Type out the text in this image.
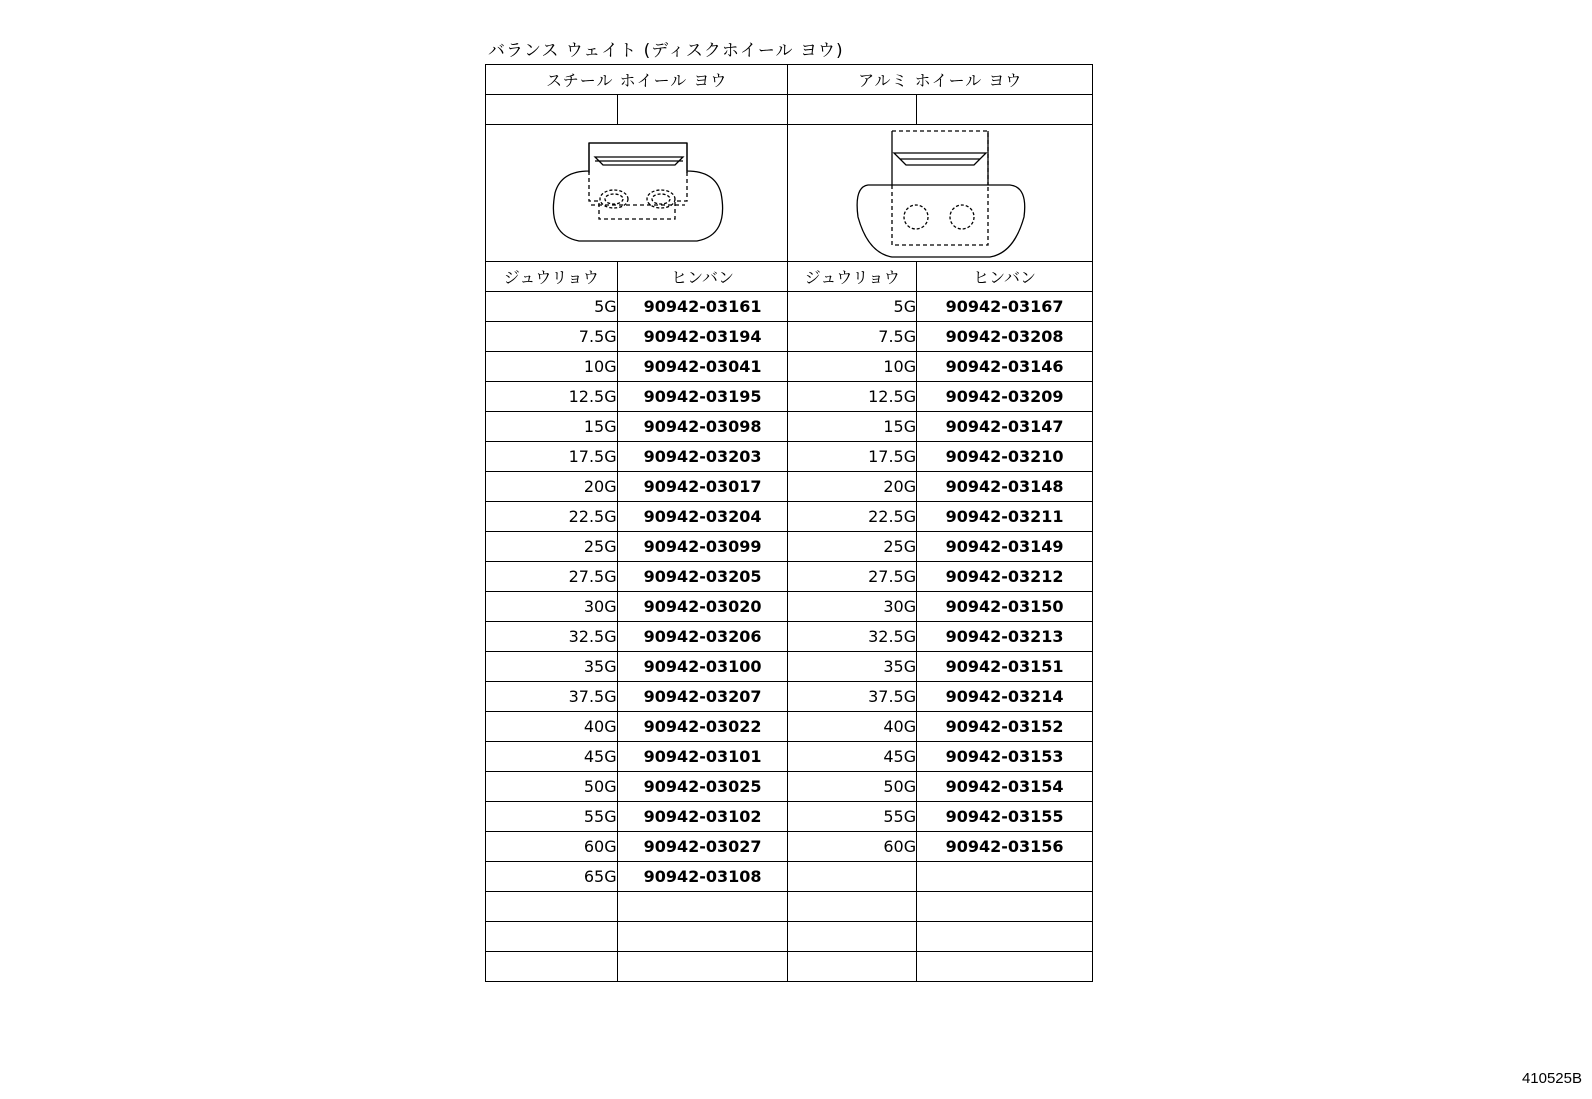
バランス ウェイト (ディスクホイール ヨウ)
スチール ホイール ヨウ		アルミ ホイール ヨウ	

ジュウリョウ	ヒンバン	ジュウリョウ	ヒンバン
5G	90942-03161	5G	90942-03167
7.5G	90942-03194	7.5G	90942-03208
10G	90942-03041	10G	90942-03146
12.5G	90942-03195	12.5G	90942-03209
15G	90942-03098	15G	90942-03147
17.5G	90942-03203	17.5G	90942-03210
20G	90942-03017	20G	90942-03148
22.5G	90942-03204	22.5G	90942-03211
25G	90942-03099	25G	90942-03149
27.5G	90942-03205	27.5G	90942-03212
30G	90942-03020	30G	90942-03150
32.5G	90942-03206	32.5G	90942-03213
35G	90942-03100	35G	90942-03151
37.5G	90942-03207	37.5G	90942-03214
40G	90942-03022	40G	90942-03152
45G	90942-03101	45G	90942-03153
50G	90942-03025	50G	90942-03154
55G	90942-03102	55G	90942-03155
60G	90942-03027	60G	90942-03156
65G	90942-03108		

410525B
